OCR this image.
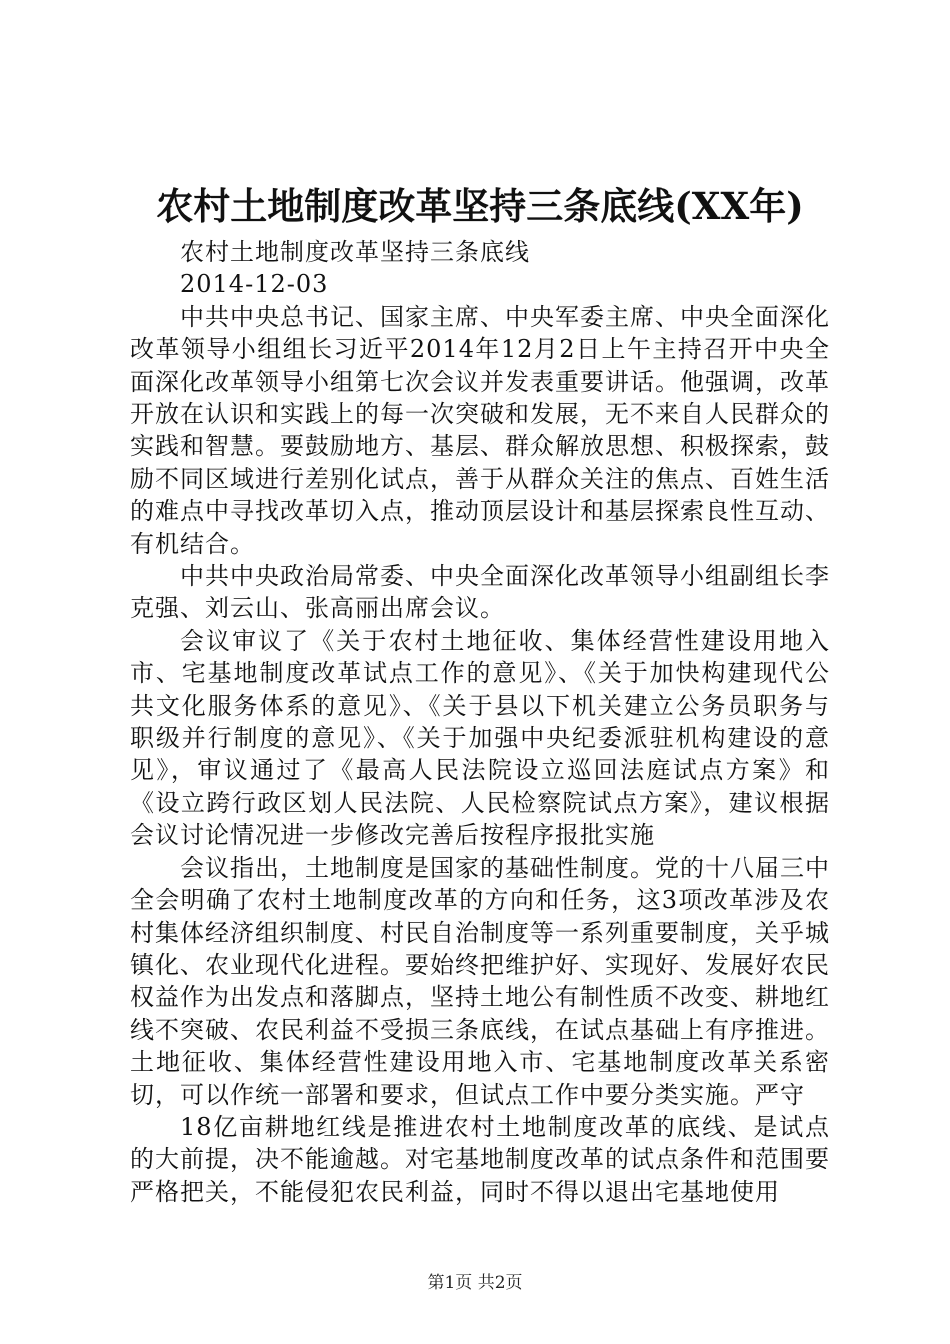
农村土地制度改革坚持三条底线(XX年)
农村土地制度改革坚持三条底线
2014-12-03

中共中央总书记、国家主席、中央军委主席、中央全面深化改革领导小组组长习近平2014年12月2日上午主持召开中央全面深化改革领导小组第七次会议并发表重要讲话。他强调，改革开放在认识和实践上的每一次突破和发展，无不来自人民群众的实践和智慧。要鼓励地方、基层、群众解放思想、积极探索，鼓励不同区域进行差别化试点，善于从群众关注的焦点、百姓生活的难点中寻找改革切入点，推动顶层设计和基层探索良性互动、有机结合。

中共中央政治局常委、中央全面深化改革领导小组副组长李克强、刘云山、张高丽出席会议。

会议审议了《关于农村土地征收、集体经营性建设用地入市、宅基地制度改革试点工作的意见》、《关于加快构建现代公共文化服务体系的意见》、《关于县以下机关建立公务员职务与职级并行制度的意见》、《关于加强中央纪委派驻机构建设的意见》，审议通过了《最高人民法院设立巡回法庭试点方案》和《设立跨行政区划人民法院、人民检察院试点方案》，建议根据会议讨论情况进一步修改完善后按程序报批实施

会议指出，土地制度是国家的基础性制度。党的十八届三中全会明确了农村土地制度改革的方向和任务，这3项改革涉及农村集体经济组织制度、村民自治制度等一系列重要制度，关乎城镇化、农业现代化进程。要始终把维护好、实现好、发展好农民权益作为出发点和落脚点，坚持土地公有制性质不改变、耕地红线不突破、农民利益不受损三条底线，在试点基础上有序推进。土地征收、集体经营性建设用地入市、宅基地制度改革关系密切，可以作统一部署和要求，但试点工作中要分类实施。严守

18亿亩耕地红线是推进农村土地制度改革的底线、是试点的大前提，决不能逾越。对宅基地制度改革的试点条件和范围要严格把关，不能侵犯农民利益，同时不得以退出宅基地使用

第1页 共2页
